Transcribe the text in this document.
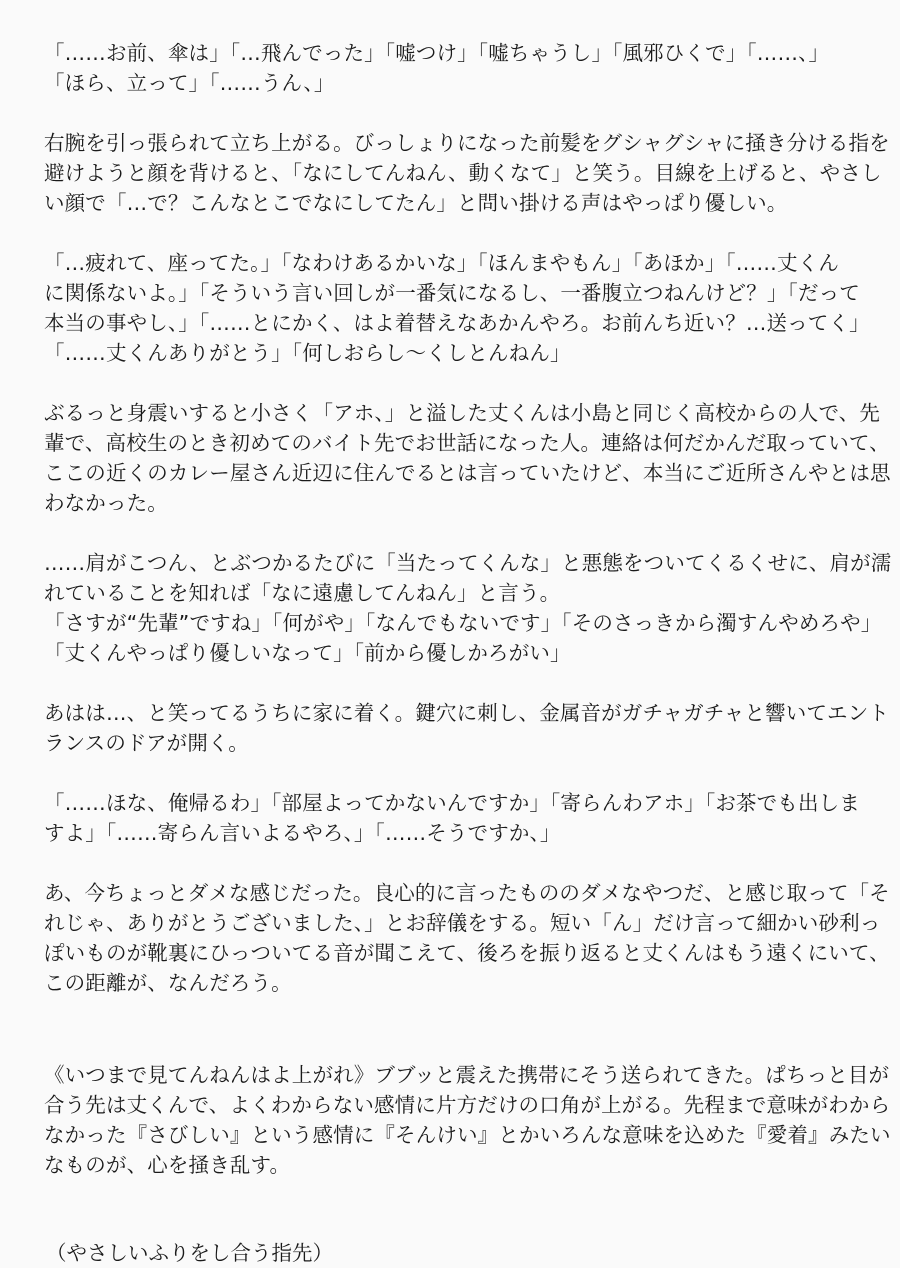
「……お前、傘は」「…飛んでった」「嘘つけ」「嘘ちゃうし」「風邪ひくで」「……、」
「ほら、立って」「……うん、」

右腕を引っ張られて立ち上がる。びっしょりになった前髪をグシャグシャに掻き分ける指を
避けようと顔を背けると、「なにしてんねん、動くなて」と笑う。目線を上げると、やさし
い顔で「…で？こんなとこでなにしてたん」と問い掛ける声はやっぱり優しい。

「…疲れて、座ってた。」「なわけあるかいな」「ほんまやもん」「あほか」「……丈くん
に関係ないよ。」「そういう言い回しが一番気になるし、一番腹立つねんけど？」「だって
本当の事やし、」「……とにかく、はよ着替えなあかんやろ。お前んち近い？…送ってく」
「……丈くんありがとう」「何しおらし〜くしとんねん」

ぶるっと身震いすると小さく「アホ、」と溢した丈くんは小島と同じく高校からの人で、先
輩で、高校生のとき初めてのバイト先でお世話になった人。連絡は何だかんだ取っていて、
ここの近くのカレー屋さん近辺に住んでるとは言っていたけど、本当にご近所さんやとは思
わなかった。

……肩がこつん、とぶつかるたびに「当たってくんな」と悪態をついてくるくせに、肩が濡
れていることを知れば「なに遠慮してんねん」と言う。
「さすが“先輩”ですね」「何がや」「なんでもないです」「そのさっきから濁すんやめろや」
「丈くんやっぱり優しいなって」「前から優しかろがい」

あはは…、と笑ってるうちに家に着く。鍵穴に刺し、金属音がガチャガチャと響いてエント
ランスのドアが開く。

「……ほな、俺帰るわ」「部屋よってかないんですか」「寄らんわアホ」「お茶でも出しま
すよ」「……寄らん言いよるやろ、」「……そうですか、」

あ、今ちょっとダメな感じだった。良心的に言ったもののダメなやつだ、と感じ取って「そ
れじゃ、ありがとうございました、」とお辞儀をする。短い「ん」だけ言って細かい砂利っ
ぽいものが靴裏にひっついてる音が聞こえて、後ろを振り返ると丈くんはもう遠くにいて、
この距離が、なんだろう。

《いつまで見てんねんはよ上がれ》ブブッと震えた携帯にそう送られてきた。ぱちっと目が
合う先は丈くんで、よくわからない感情に片方だけの口角が上がる。先程まで意味がわから
なかった『さびしい』という感情に『そんけい』とかいろんな意味を込めた『愛着』みたい
なものが、心を掻き乱す。

（やさしいふりをし合う指先）
